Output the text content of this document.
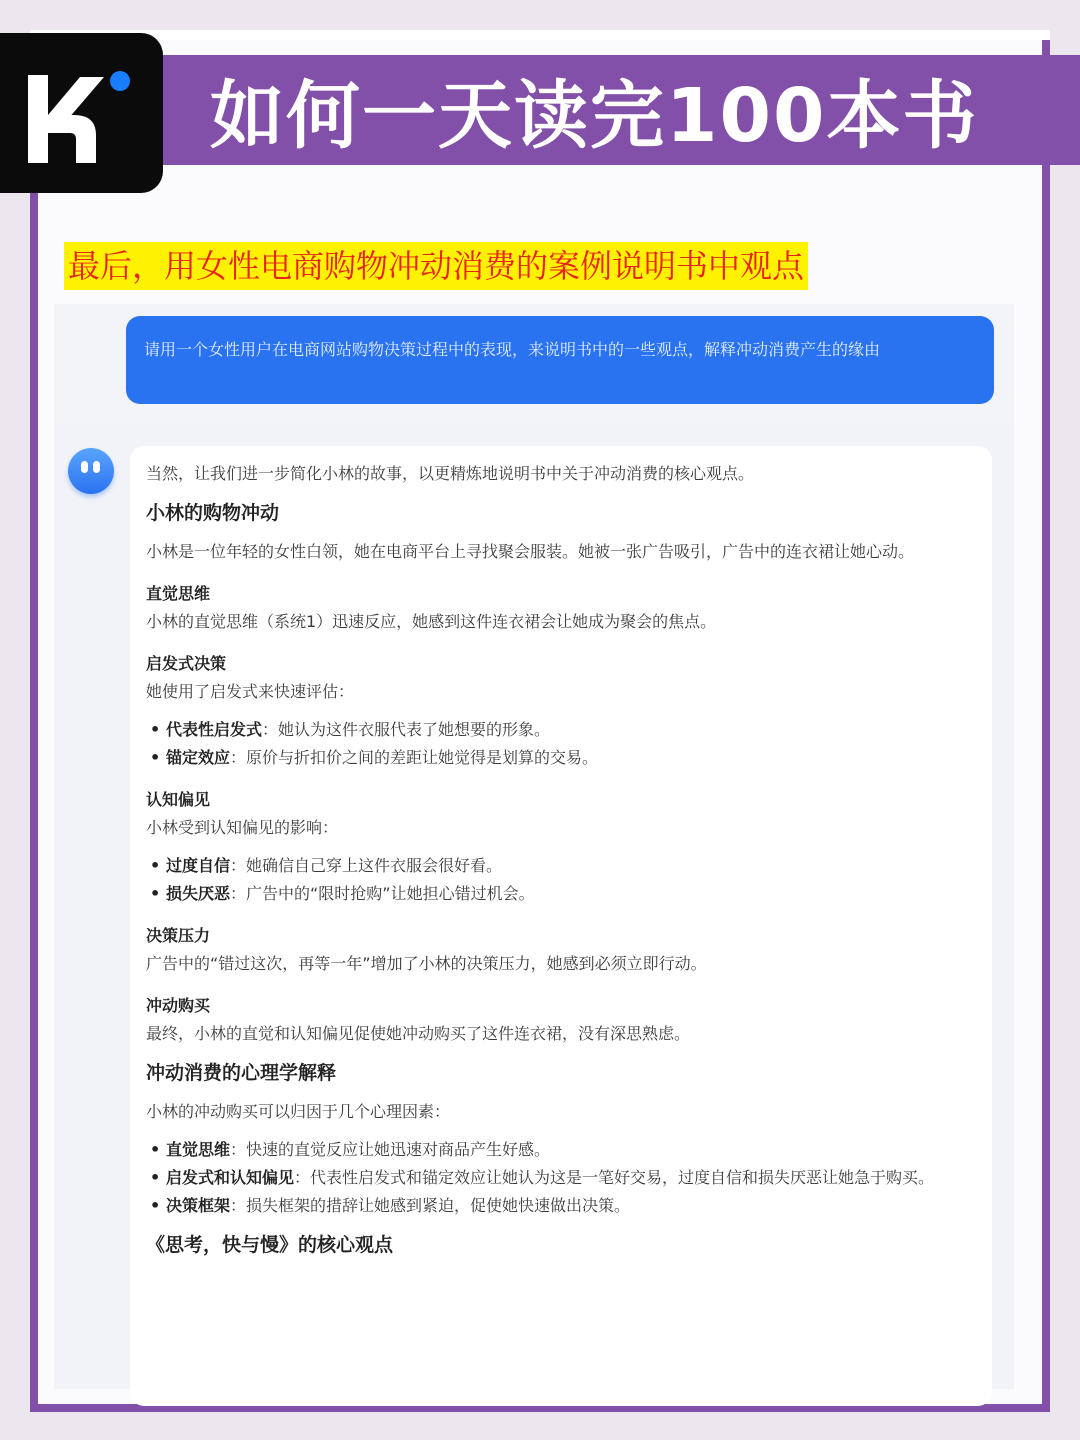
如何一天读完100本书
最后，用女性电商购物冲动消费的案例说明书中观点
请用一个女性用户在电商网站购物决策过程中的表现，来说明书中的一些观点，解释冲动消费产生的缘由

当然，让我们进一步简化小林的故事，以更精炼地说明书中关于冲动消费的核心观点。

小林的购物冲动

小林是一位年轻的女性白领，她在电商平台上寻找聚会服装。她被一张广告吸引，广告中的连衣裙让她心动。

直觉思维

小林的直觉思维（系统1）迅速反应，她感到这件连衣裙会让她成为聚会的焦点。

启发式决策

她使用了启发式来快速评估：

• 代表性启发式：她认为这件衣服代表了她想要的形象。
• 锚定效应：原价与折扣价之间的差距让她觉得是划算的交易。

认知偏见

小林受到认知偏见的影响：

• 过度自信：她确信自己穿上这件衣服会很好看。
• 损失厌恶：广告中的“限时抢购”让她担心错过机会。

决策压力

广告中的“错过这次，再等一年”增加了小林的决策压力，她感到必须立即行动。

冲动购买

最终，小林的直觉和认知偏见促使她冲动购买了这件连衣裙，没有深思熟虑。

冲动消费的心理学解释

小林的冲动购买可以归因于几个心理因素：

• 直觉思维：快速的直觉反应让她迅速对商品产生好感。
• 启发式和认知偏见：代表性启发式和锚定效应让她认为这是一笔好交易，过度自信和损失厌恶让她急于购买。
• 决策框架：损失框架的措辞让她感到紧迫，促使她快速做出决策。

《思考，快与慢》的核心观点
